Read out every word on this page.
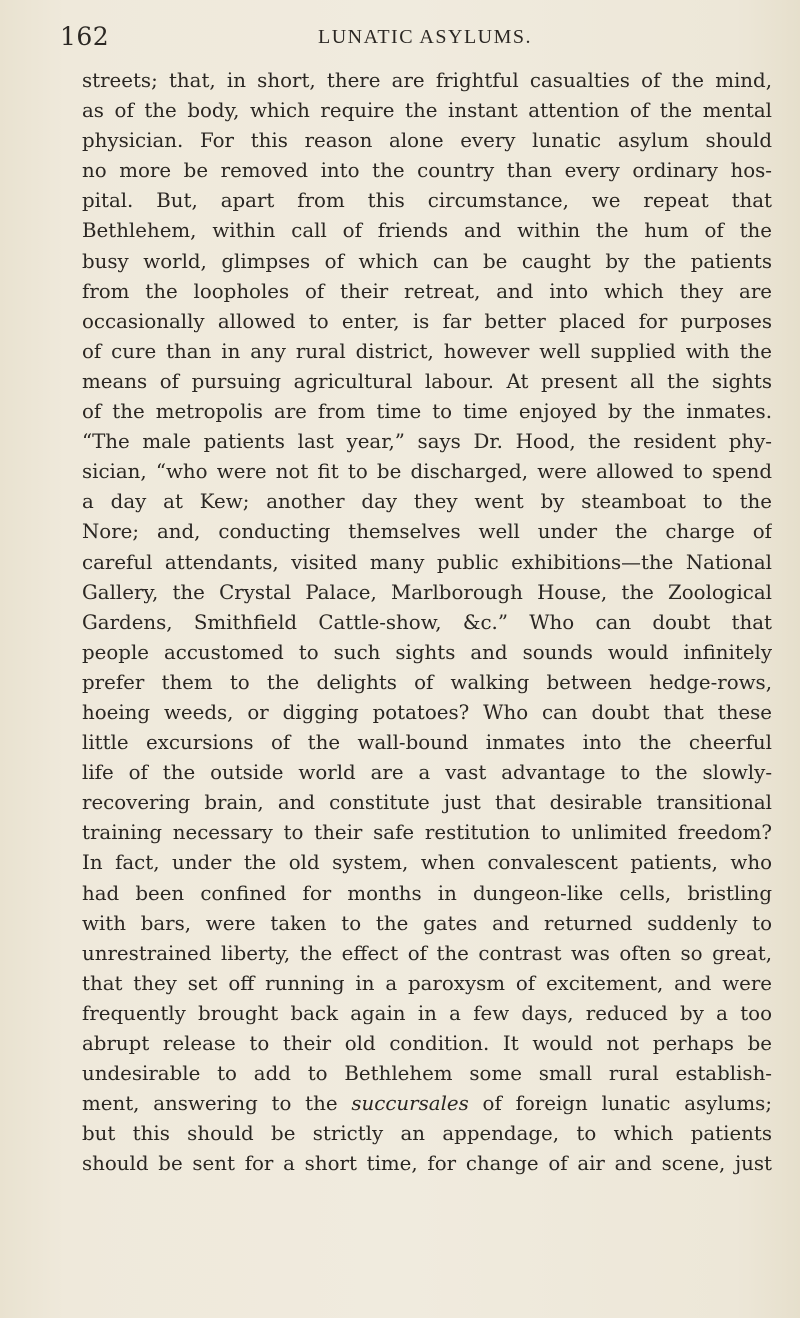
162	LUNATIC ASYLUMS.
streets; that, in short, there are frightful casualties of the mind,
as of the body, which require the instant attention of the mental
physician. For this reason alone every lunatic asylum should
no more be removed into the country than every ordinary hos-
pital. But, apart from this circumstance, we repeat that
Bethlehem, within call of friends and within the hum of the
busy world, glimpses of which can be caught by the patients
from the loopholes of their retreat, and into which they are
occasionally allowed to enter, is far better placed for purposes
of cure than in any rural district, however well supplied with the
means of pursuing agricultural labour. At present all the sights
of the metropolis are from time to time enjoyed by the inmates.
“The male patients last year,” says Dr. Hood, the resident phy-
sician, “who were not fit to be discharged, were allowed to spend
a day at Kew; another day they went by steamboat to the
Nore; and, conducting themselves well under the charge of
careful attendants, visited many public exhibitions—the National
Gallery, the Crystal Palace, Marlborough House, the Zoological
Gardens, Smithfield Cattle-show, &c.” Who can doubt that
people accustomed to such sights and sounds would infinitely
prefer them to the delights of walking between hedge-rows,
hoeing weeds, or digging potatoes? Who can doubt that these
little excursions of the wall-bound inmates into the cheerful
life of the outside world are a vast advantage to the slowly-
recovering brain, and constitute just that desirable transitional
training necessary to their safe restitution to unlimited freedom?
In fact, under the old system, when convalescent patients, who
had been confined for months in dungeon-like cells, bristling
with bars, were taken to the gates and returned suddenly to
unrestrained liberty, the effect of the contrast was often so great,
that they set off running in a paroxysm of excitement, and were
frequently brought back again in a few days, reduced by a too
abrupt release to their old condition. It would not perhaps be
undesirable to add to Bethlehem some small rural establish-
ment, answering to the succursales of foreign lunatic asylums;
but this should be strictly an appendage, to which patients
should be sent for a short time, for change of air and scene, just
